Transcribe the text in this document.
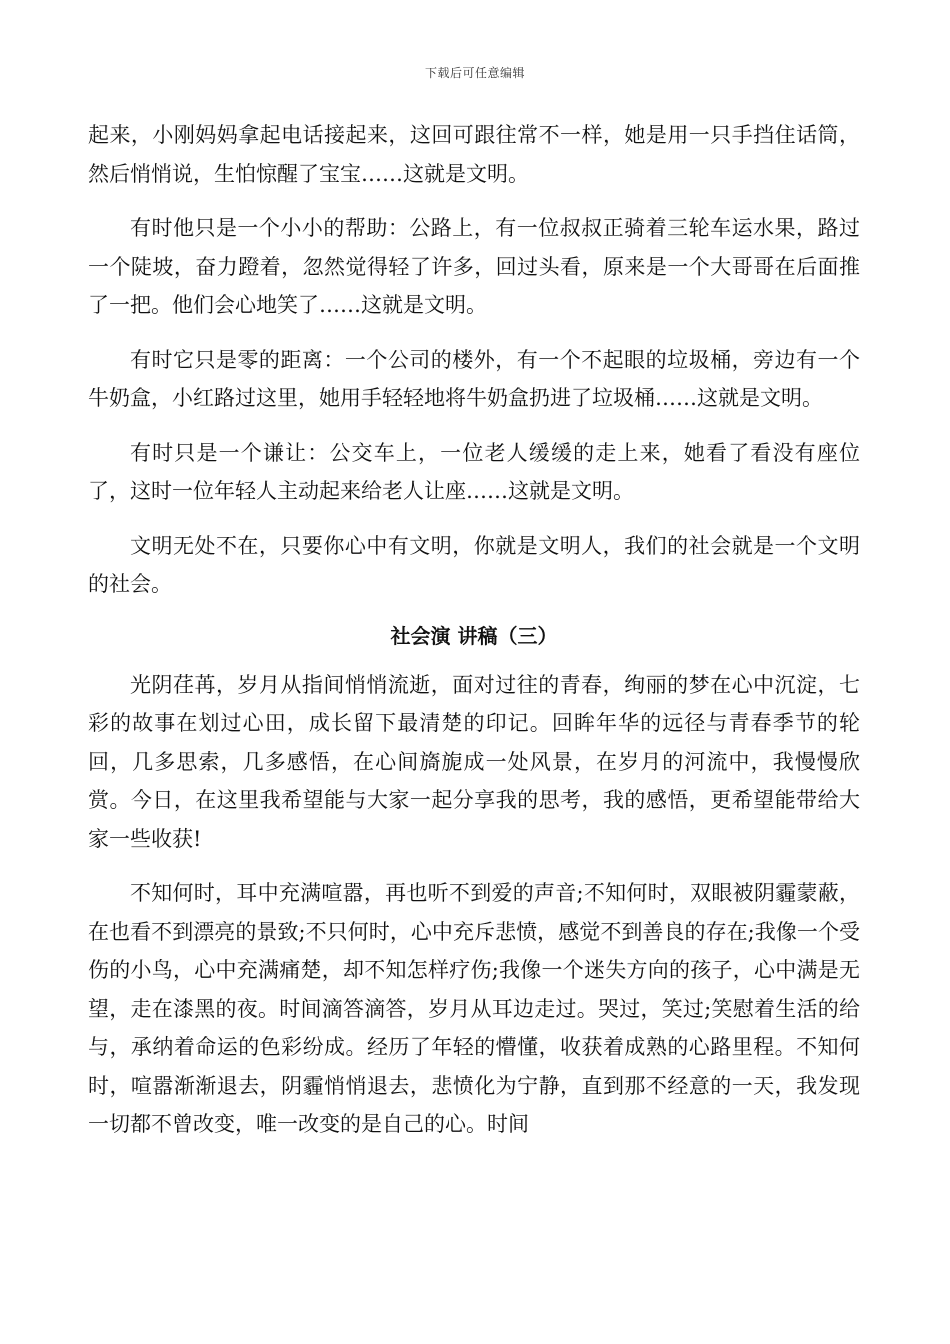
下载后可任意编辑

起来，小刚妈妈拿起电话接起来，这回可跟往常不一样，她是用一只手挡住话筒，然后悄悄说，生怕惊醒了宝宝……这就是文明。

有时他只是一个小小的帮助：公路上，有一位叔叔正骑着三轮车运水果，路过一个陡坡，奋力蹬着，忽然觉得轻了许多，回过头看，原来是一个大哥哥在后面推了一把。他们会心地笑了……这就是文明。

有时它只是零的距离：一个公司的楼外，有一个不起眼的垃圾桶，旁边有一个牛奶盒，小红路过这里，她用手轻轻地将牛奶盒扔进了垃圾桶……这就是文明。

有时只是一个谦让：公交车上，一位老人缓缓的走上来，她看了看没有座位了，这时一位年轻人主动起来给老人让座……这就是文明。

文明无处不在，只要你心中有文明，你就是文明人，我们的社会就是一个文明的社会。

社会演 讲稿（三）

光阴荏苒，岁月从指间悄悄流逝，面对过往的青春，绚丽的梦在心中沉淀，七彩的故事在划过心田，成长留下最清楚的印记。回眸年华的远径与青春季节的轮回，几多思索，几多感悟，在心间旖旎成一处风景，在岁月的河流中，我慢慢欣赏。今日，在这里我希望能与大家一起分享我的思考，我的感悟，更希望能带给大家一些收获!

不知何时，耳中充满喧嚣，再也听不到爱的声音;不知何时，双眼被阴霾蒙蔽，在也看不到漂亮的景致;不只何时，心中充斥悲愤，感觉不到善良的存在;我像一个受伤的小鸟，心中充满痛楚，却不知怎样疗伤;我像一个迷失方向的孩子，心中满是无望，走在漆黑的夜。时间滴答滴答，岁月从耳边走过。哭过，笑过;笑慰着生活的给与，承纳着命运的色彩纷成。经历了年轻的懵懂，收获着成熟的心路里程。不知何时，喧嚣渐渐退去，阴霾悄悄退去，悲愤化为宁静，直到那不经意的一天，我发现一切都不曾改变，唯一改变的是自己的心。时间
